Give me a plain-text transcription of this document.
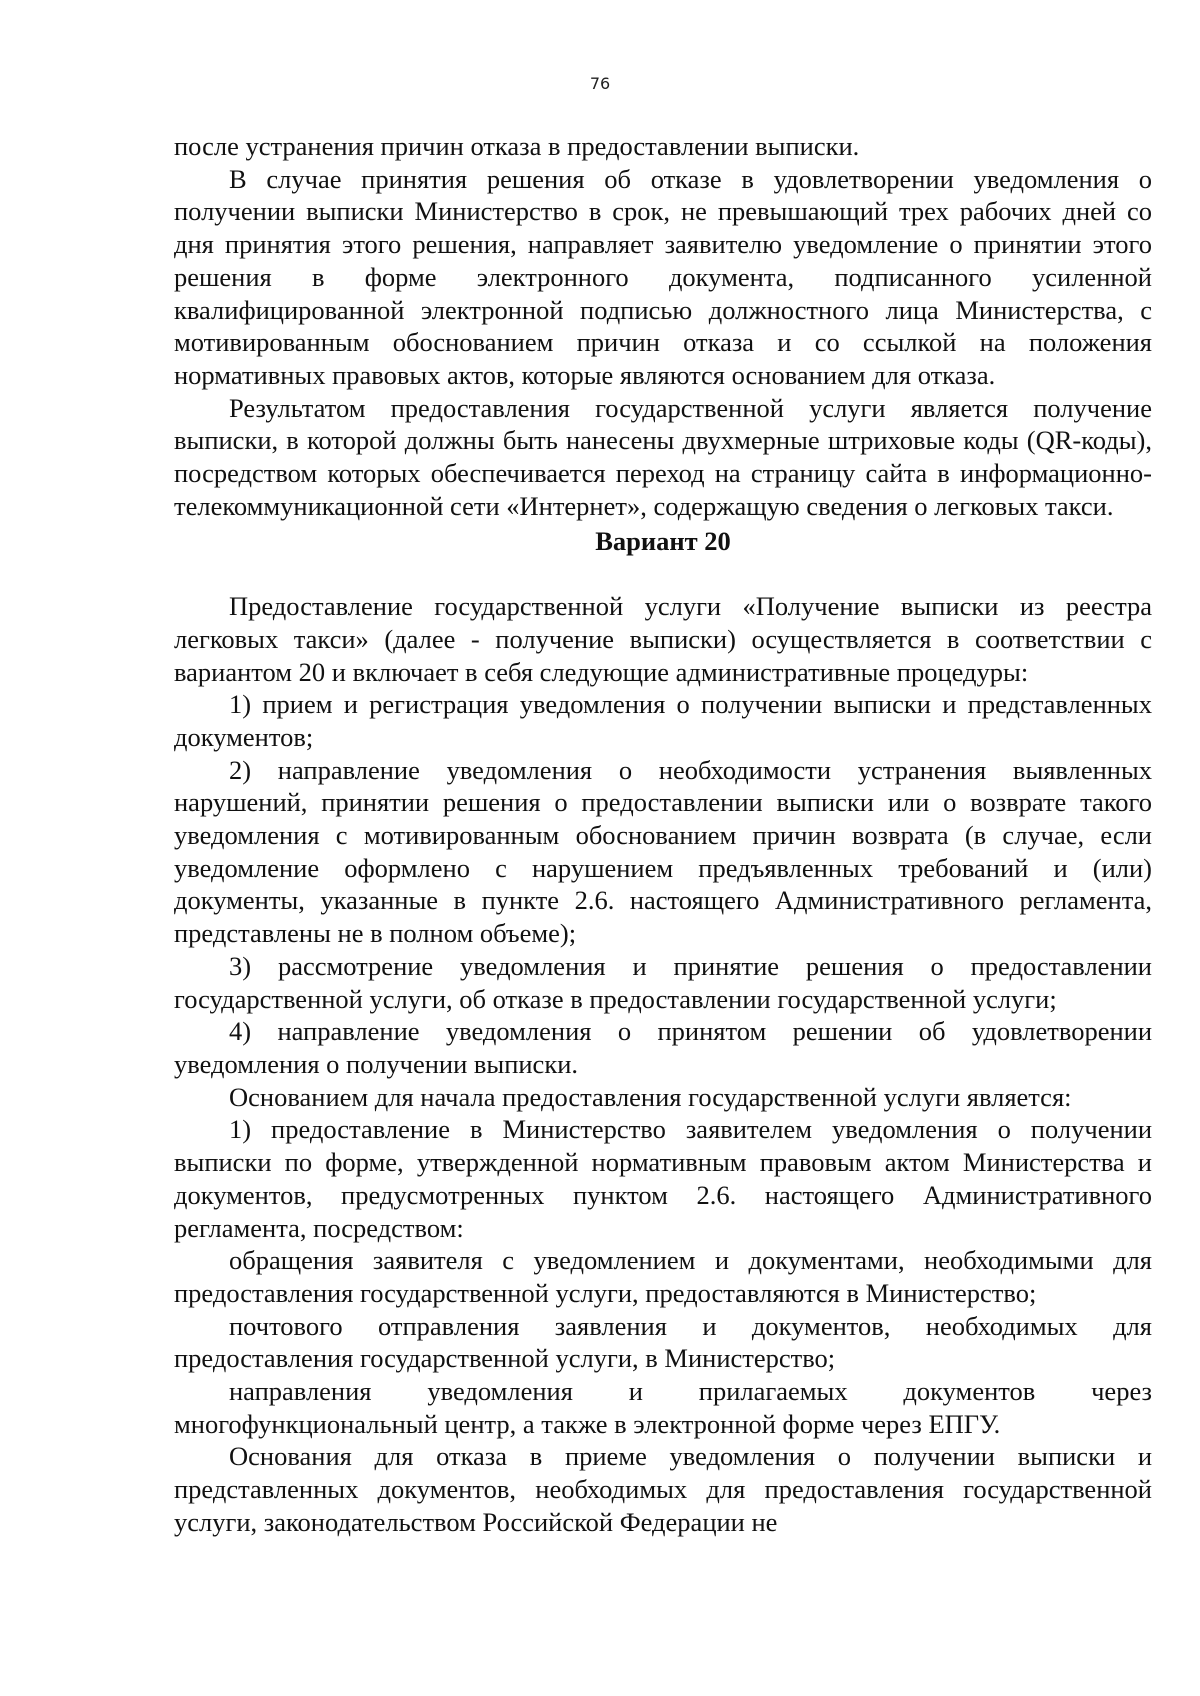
76

после устранения причин отказа в предоставлении выписки.

В случае принятия решения об отказе в удовлетворении уведомления о получении выписки Министерство в срок, не превышающий трех рабочих дней со дня принятия этого решения, направляет заявителю уведомление о принятии этого решения в форме электронного документа, подписанного усиленной квалифицированной электронной подписью должностного лица Министерства, с мотивированным обоснованием причин отказа и со ссылкой на положения нормативных правовых актов, которые являются основанием для отказа.

Результатом предоставления государственной услуги является получение выписки, в которой должны быть нанесены двухмерные штриховые коды (QR-коды), посредством которых обеспечивается переход на страницу сайта в информационно-телекоммуникационной сети «Интернет», содержащую сведения о легковых такси.

Вариант 20

Предоставление государственной услуги «Получение выписки из реестра легковых такси» (далее - получение выписки) осуществляется в соответствии с вариантом 20 и включает в себя следующие административные процедуры:

1) прием и регистрация уведомления о получении выписки и представленных документов;

2) направление уведомления о необходимости устранения выявленных нарушений, принятии решения о предоставлении выписки или о возврате такого уведомления с мотивированным обоснованием причин возврата (в случае, если уведомление оформлено с нарушением предъявленных требований и (или) документы, указанные в пункте 2.6. настоящего Административного регламента, представлены не в полном объеме);

3) рассмотрение уведомления и принятие решения о предоставлении государственной услуги, об отказе в предоставлении государственной услуги;

4) направление уведомления о принятом решении об удовлетворении уведомления о получении выписки.

Основанием для начала предоставления государственной услуги является:

1) предоставление в Министерство заявителем уведомления о получении выписки по форме, утвержденной нормативным правовым актом Министерства и документов, предусмотренных пунктом 2.6. настоящего Административного регламента, посредством:

обращения заявителя с уведомлением и документами, необходимыми для предоставления государственной услуги, предоставляются в Министерство;

почтового отправления заявления и документов, необходимых для предоставления государственной услуги, в Министерство;

направления уведомления и прилагаемых документов через многофункциональный центр, а также в электронной форме через ЕПГУ.

Основания для отказа в приеме уведомления о получении выписки и представленных документов, необходимых для предоставления государственной услуги, законодательством Российской Федерации не
